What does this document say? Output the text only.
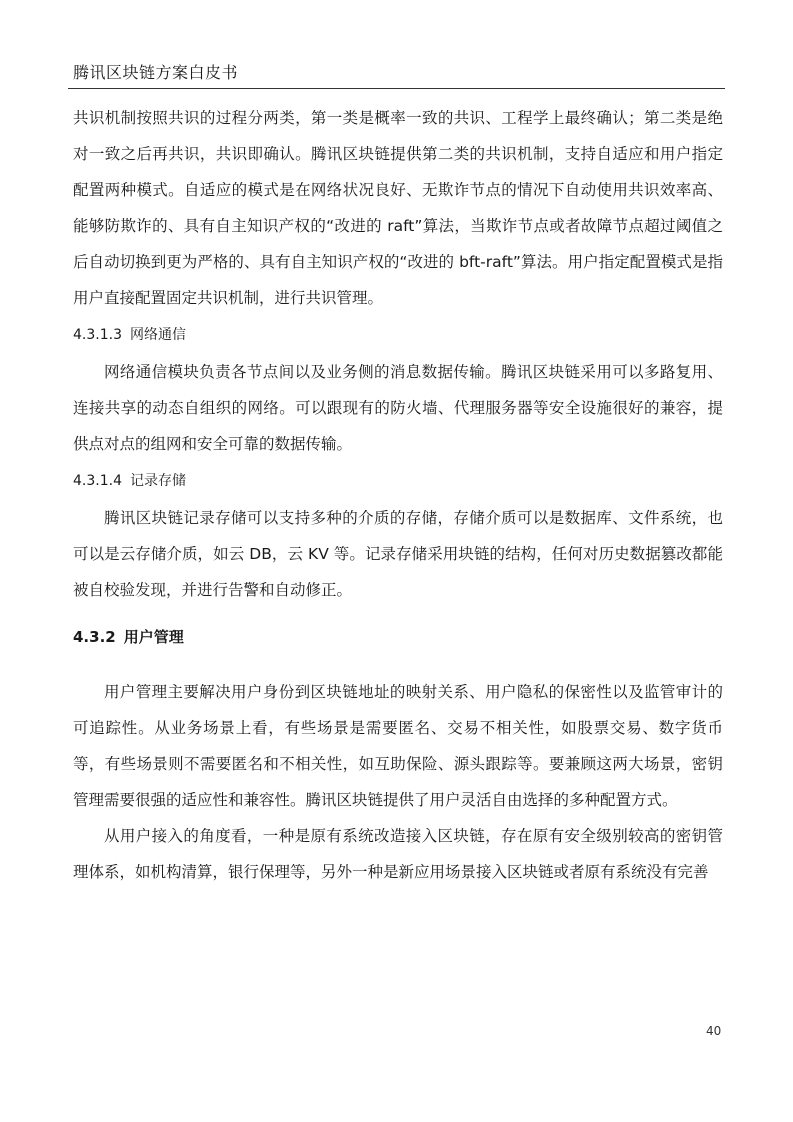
腾讯区块链方案白皮书

共识机制按照共识的过程分两类，第一类是概率一致的共识、工程学上最终确认；第二类是绝对一致之后再共识，共识即确认。腾讯区块链提供第二类的共识机制，支持自适应和用户指定配置两种模式。自适应的模式是在网络状况良好、无欺诈节点的情况下自动使用共识效率高、能够防欺诈的、具有自主知识产权的“改进的 raft”算法，当欺诈节点或者故障节点超过阈值之后自动切换到更为严格的、具有自主知识产权的“改进的 bft-raft”算法。用户指定配置模式是指用户直接配置固定共识机制，进行共识管理。

4.3.1.3 网络通信

网络通信模块负责各节点间以及业务侧的消息数据传输。腾讯区块链采用可以多路复用、连接共享的动态自组织的网络。可以跟现有的防火墙、代理服务器等安全设施很好的兼容，提供点对点的组网和安全可靠的数据传输。

4.3.1.4 记录存储

腾讯区块链记录存储可以支持多种的介质的存储，存储介质可以是数据库、文件系统，也可以是云存储介质，如云 DB，云 KV 等。记录存储采用块链的结构，任何对历史数据篡改都能被自校验发现，并进行告警和自动修正。

4.3.2 用户管理

用户管理主要解决用户身份到区块链地址的映射关系、用户隐私的保密性以及监管审计的可追踪性。从业务场景上看，有些场景是需要匿名、交易不相关性，如股票交易、数字货币等，有些场景则不需要匿名和不相关性，如互助保险、源头跟踪等。要兼顾这两大场景，密钥管理需要很强的适应性和兼容性。腾讯区块链提供了用户灵活自由选择的多种配置方式。

从用户接入的角度看，一种是原有系统改造接入区块链，存在原有安全级别较高的密钥管理体系，如机构清算，银行保理等，另外一种是新应用场景接入区块链或者原有系统没有完善

40
